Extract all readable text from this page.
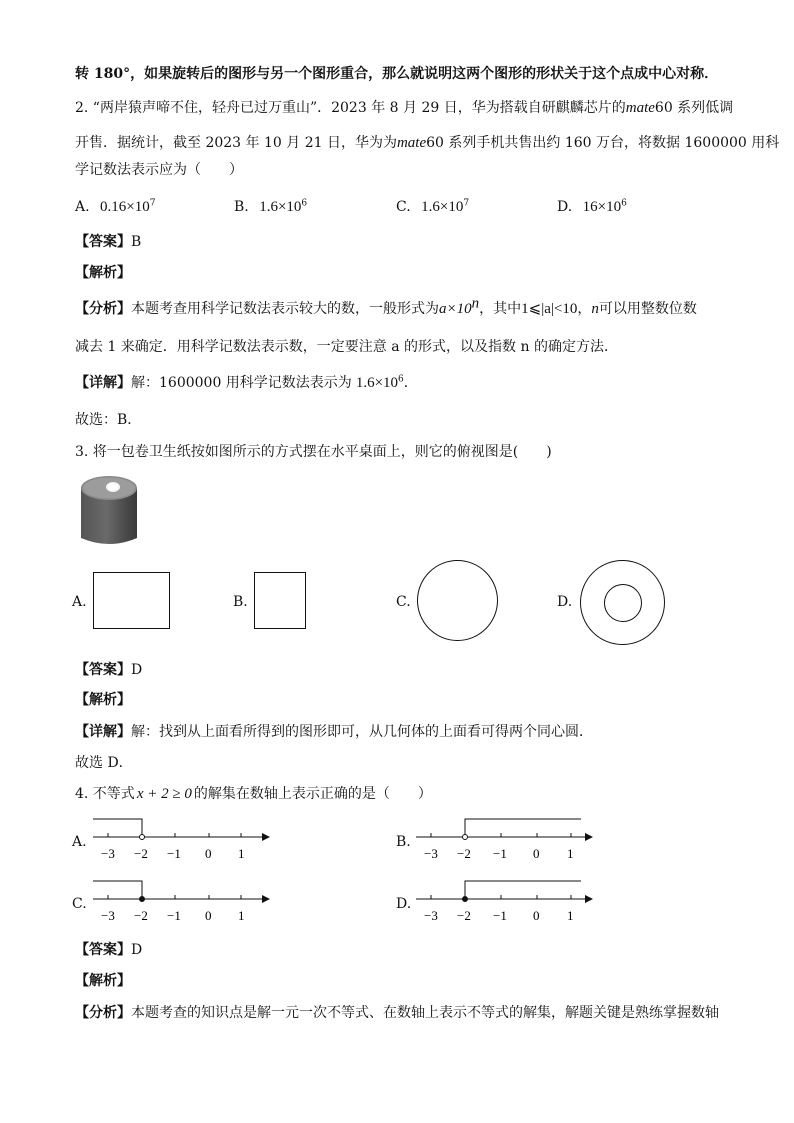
转 180°，如果旋转后的图形与另一个图形重合，那么就说明这两个图形的形状关于这个点成中心对称．
2. “两岸猿声啼不住，轻舟已过万重山”．2023 年 8 月 29 日，华为搭载自研麒麟芯片的mate60 系列低调
开售．据统计，截至 2023 年 10 月 21 日，华为为mate60 系列手机共售出约 160 万台，将数据 1600000 用科
学记数法表示应为（　　）
A. $0.16\times 10^7$	B. $1.6\times 10^6$	C. $1.6\times 10^7$	D. $16\times 10^6$
【答案】B
【解析】
【分析】本题考查用科学记数法表示较大的数，一般形式为$a\times 10^n$，其中1⩽|a|<10，n可以用整数位数
减去 1 来确定．用科学记数法表示数，一定要注意 a 的形式，以及指数 n 的确定方法．
【详解】解：1600000 用科学记数法表示为 $1.6\times 10^6$．
故选：B．
3. 将一包卷卫生纸按如图所示的方式摆在水平桌面上，则它的俯视图是(　　)
A.	B.	C.	D.
【答案】D
【解析】
【详解】解：找到从上面看所得到的图形即可，从几何体的上面看可得两个同心圆．
故选 D．
4. 不等式 x + 2 ≥ 0 的解集在数轴上表示正确的是（　　）
A.
−3 −2 −1 0 1
B.
−3 −2 −1 0 1
C.
−3 −2 −1 0 1
D.
−3 −2 −1 0 1
【答案】D
【解析】
【分析】本题考查的知识点是解一元一次不等式、在数轴上表示不等式的解集，解题关键是熟练掌握数轴
